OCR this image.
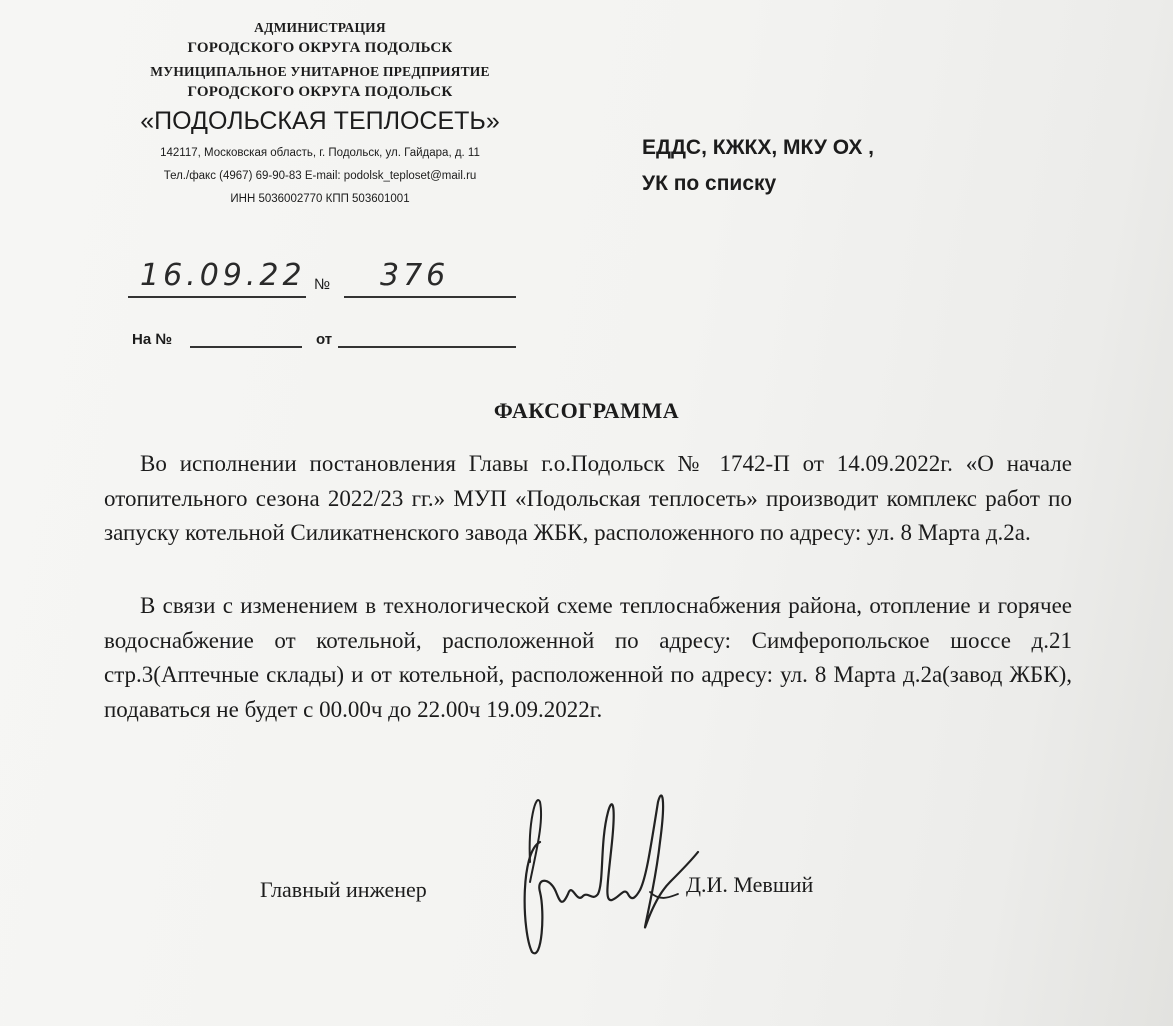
АДМИНИСТРАЦИЯ
ГОРОДСКОГО ОКРУГА ПОДОЛЬСК
МУНИЦИПАЛЬНОЕ УНИТАРНОЕ ПРЕДПРИЯТИЕ
ГОРОДСКОГО ОКРУГА ПОДОЛЬСК
«ПОДОЛЬСКАЯ ТЕПЛОСЕТЬ»
142117, Московская область, г. Подольск, ул. Гайдара, д. 11
Тел./факс (4967) 69-90-83 E-mail: podolsk_teploset@mail.ru
ИНН 5036002770 КПП 503601001
ЕДДС, КЖКХ, МКУ ОХ ,
УК по списку
16.09.22 № 376
На №	от
ФАКСОГРАММА

Во исполнении постановления Главы г.о.Подольск № 1742-П от 14.09.2022г. «О начале отопительного сезона 2022/23 гг.» МУП «Подольская теплосеть» производит комплекс работ по запуску котельной Силикатненского завода ЖБК, расположенного по адресу: ул. 8 Марта д.2а.

В связи с изменением в технологической схеме теплоснабжения района, отопление и горячее водоснабжение от котельной, расположенной по адресу: Симферопольское шоссе д.21 стр.3(Аптечные склады) и от котельной, расположенной по адресу: ул. 8 Марта д.2а(завод ЖБК), подаваться не будет с 00.00ч до 22.00ч 19.09.2022г.

Главный инженер	Д.И. Мевший
